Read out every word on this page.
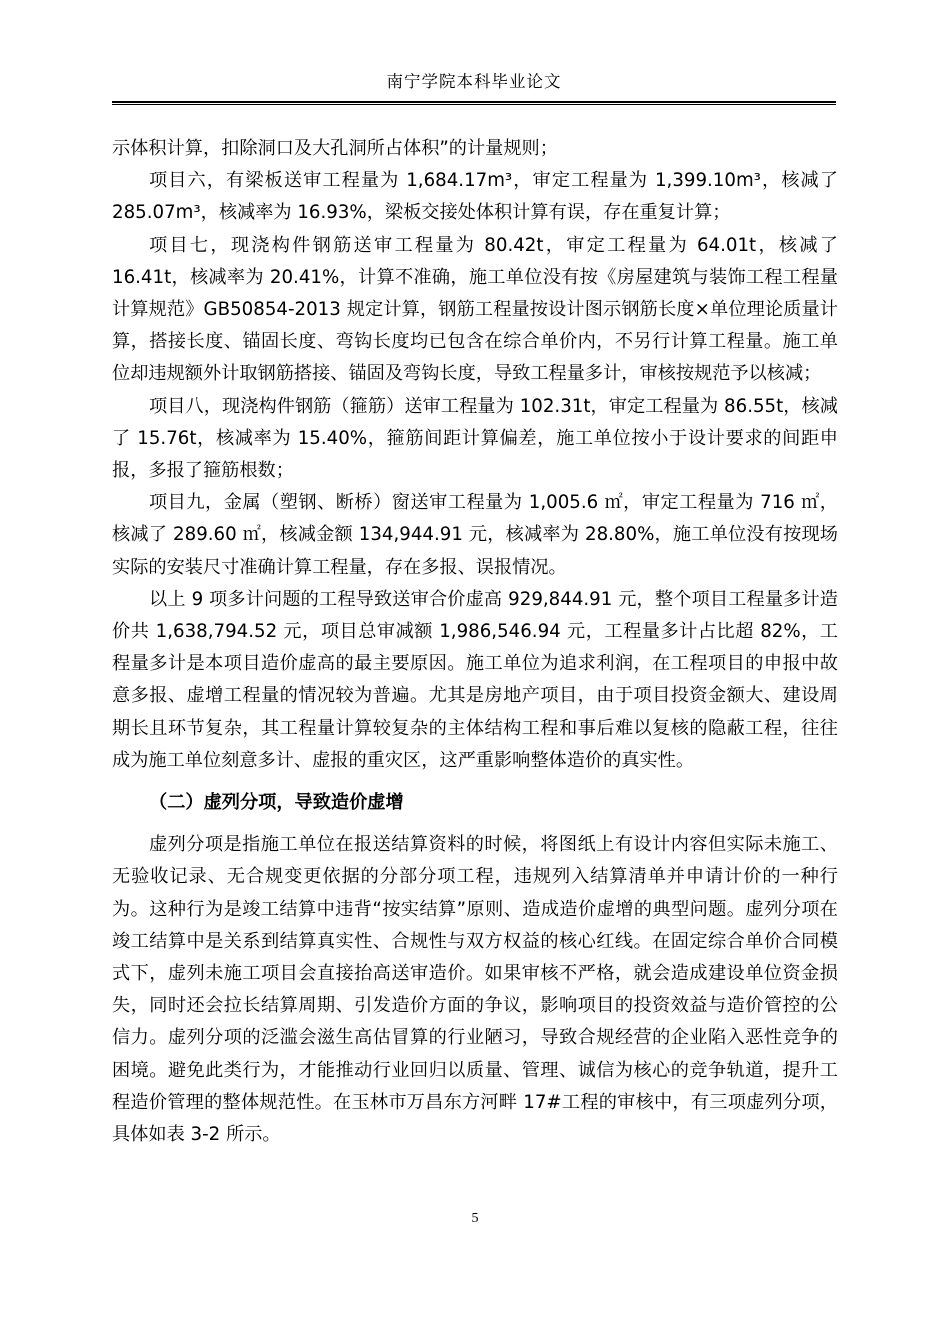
南宁学院本科毕业论文

示体积计算，扣除洞口及大孔洞所占体积”的计量规则；

项目六，有梁板送审工程量为 1,684.17m³，审定工程量为 1,399.10m³，核减了 285.07m³，核减率为 16.93%，梁板交接处体积计算有误，存在重复计算；

项目七，现浇构件钢筋送审工程量为 80.42t，审定工程量为 64.01t，核减了 16.41t，核减率为 20.41%，计算不准确，施工单位没有按《房屋建筑与装饰工程工程量计算规范》GB50854-2013 规定计算，钢筋工程量按设计图示钢筋长度×单位理论质量计算，搭接长度、锚固长度、弯钩长度均已包含在综合单价内，不另行计算工程量。施工单位却违规额外计取钢筋搭接、锚固及弯钩长度，导致工程量多计，审核按规范予以核减；

项目八，现浇构件钢筋（箍筋）送审工程量为 102.31t，审定工程量为 86.55t，核减了 15.76t，核减率为 15.40%，箍筋间距计算偏差，施工单位按小于设计要求的间距申报，多报了箍筋根数；

项目九，金属（塑钢、断桥）窗送审工程量为 1,005.6 ㎡，审定工程量为 716 ㎡，核减了 289.60 ㎡，核减金额 134,944.91 元，核减率为 28.80%，施工单位没有按现场实际的安装尺寸准确计算工程量，存在多报、误报情况。

以上 9 项多计问题的工程导致送审合价虚高 929,844.91 元，整个项目工程量多计造价共 1,638,794.52 元，项目总审减额 1,986,546.94 元，工程量多计占比超 82%，工程量多计是本项目造价虚高的最主要原因。施工单位为追求利润，在工程项目的申报中故意多报、虚增工程量的情况较为普遍。尤其是房地产项目，由于项目投资金额大、建设周期长且环节复杂，其工程量计算较复杂的主体结构工程和事后难以复核的隐蔽工程，往往成为施工单位刻意多计、虚报的重灾区，这严重影响整体造价的真实性。

（二）虚列分项，导致造价虚增

虚列分项是指施工单位在报送结算资料的时候，将图纸上有设计内容但实际未施工、无验收记录、无合规变更依据的分部分项工程，违规列入结算清单并申请计价的一种行为。这种行为是竣工结算中违背“按实结算”原则、造成造价虚增的典型问题。虚列分项在竣工结算中是关系到结算真实性、合规性与双方权益的核心红线。在固定综合单价合同模式下，虚列未施工项目会直接抬高送审造价。如果审核不严格，就会造成建设单位资金损失，同时还会拉长结算周期、引发造价方面的争议，影响项目的投资效益与造价管控的公信力。虚列分项的泛滥会滋生高估冒算的行业陋习，导致合规经营的企业陷入恶性竞争的困境。避免此类行为，才能推动行业回归以质量、管理、诚信为核心的竞争轨道，提升工程造价管理的整体规范性。在玉林市万昌东方河畔 17#工程的审核中，有三项虚列分项，具体如表 3-2 所示。

5
